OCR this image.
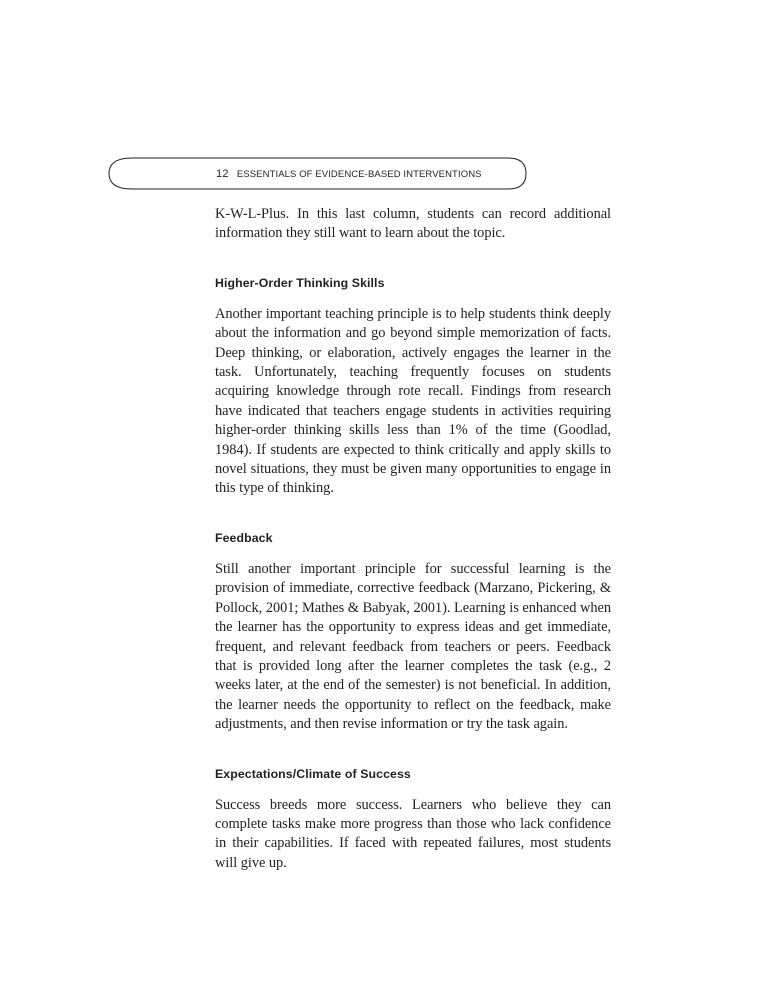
12 ESSENTIALS OF EVIDENCE-BASED INTERVENTIONS

K-W-L-Plus. In this last column, students can record additional information they still want to learn about the topic.

Higher-Order Thinking Skills

Another important teaching principle is to help students think deeply about the information and go beyond simple memorization of facts. Deep thinking, or elaboration, actively engages the learner in the task. Unfortunately, teaching frequently focuses on students acquiring knowledge through rote recall. Findings from research have indicated that teachers engage students in activities requiring higher-order thinking skills less than 1% of the time (Goodlad, 1984). If students are expected to think critically and apply skills to novel situations, they must be given many opportunities to engage in this type of thinking.

Feedback

Still another important principle for successful learning is the provision of immediate, corrective feedback (Marzano, Pickering, & Pollock, 2001; Mathes & Babyak, 2001). Learning is enhanced when the learner has the opportunity to express ideas and get immediate, frequent, and relevant feedback from teachers or peers. Feedback that is provided long after the learner completes the task (e.g., 2 weeks later, at the end of the semester) is not beneficial. In addition, the learner needs the opportunity to reflect on the feedback, make adjustments, and then revise information or try the task again.

Expectations/Climate of Success

Success breeds more success. Learners who believe they can complete tasks make more progress than those who lack confidence in their capabilities. If faced with repeated failures, most students will give up.
